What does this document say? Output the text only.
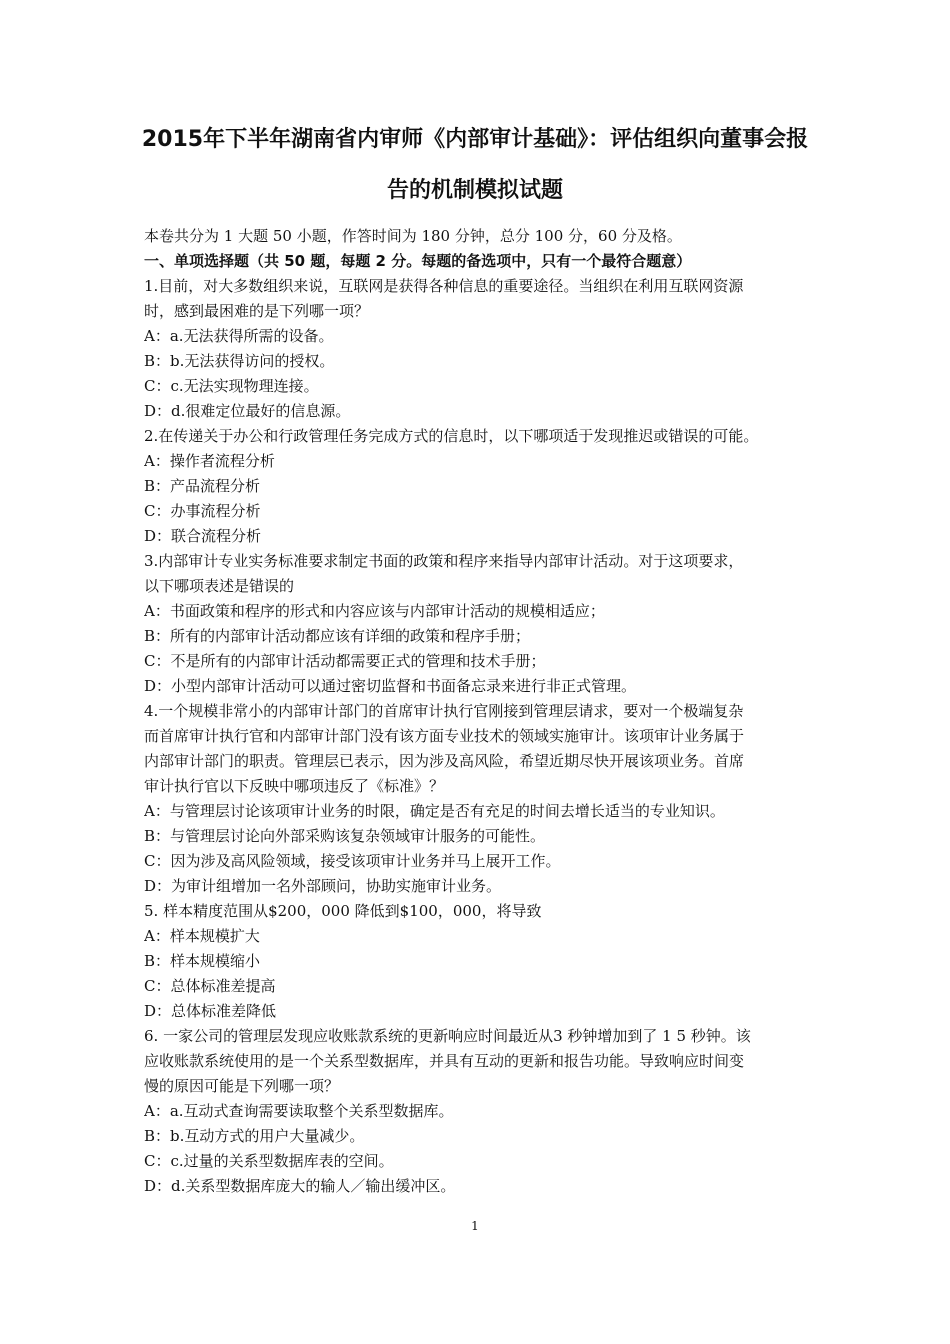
2015年下半年湖南省内审师《内部审计基础》：评估组织向董事会报
告的机制模拟试题
本卷共分为 1 大题 50 小题，作答时间为 180 分钟，总分 100 分，60 分及格。
一、单项选择题（共 50 题，每题 2 分。每题的备选项中，只有一个最符合题意）
1.目前，对大多数组织来说，互联网是获得各种信息的重要途径。当组织在利用互联网资源
时，感到最困难的是下列哪一项？
A：a.无法获得所需的设备。
B：b.无法获得访问的授权。
C：c.无法实现物理连接。
D：d.很难定位最好的信息源。
2.在传递关于办公和行政管理任务完成方式的信息时，以下哪项适于发现推迟或错误的可能。
A：操作者流程分析
B：产品流程分析
C：办事流程分析
D：联合流程分析
3.内部审计专业实务标准要求制定书面的政策和程序来指导内部审计活动。对于这项要求，
以下哪项表述是错误的
A：书面政策和程序的形式和内容应该与内部审计活动的规模相适应；
B：所有的内部审计活动都应该有详细的政策和程序手册；
C：不是所有的内部审计活动都需要正式的管理和技术手册；
D：小型内部审计活动可以通过密切监督和书面备忘录来进行非正式管理。
4.一个规模非常小的内部审计部门的首席审计执行官刚接到管理层请求，要对一个极端复杂
而首席审计执行官和内部审计部门没有该方面专业技术的领域实施审计。该项审计业务属于
内部审计部门的职责。管理层已表示，因为涉及高风险，希望近期尽快开展该项业务。首席
审计执行官以下反映中哪项违反了《标准》？
A：与管理层讨论该项审计业务的时限，确定是否有充足的时间去增长适当的专业知识。
B：与管理层讨论向外部采购该复杂领域审计服务的可能性。
C：因为涉及高风险领域，接受该项审计业务并马上展开工作。
D：为审计组增加一名外部顾问，协助实施审计业务。
5. 样本精度范围从$200，000 降低到$100，000，将导致
A：样本规模扩大
B：样本规模缩小
C：总体标准差提高
D：总体标准差降低
6. 一家公司的管理层发现应收账款系统的更新响应时间最近从3 秒钟增加到了 1 5 秒钟。该
应收账款系统使用的是一个关系型数据库，并具有互动的更新和报告功能。导致响应时间变
慢的原因可能是下列哪一项？
A：a.互动式查询需要读取整个关系型数据库。
B：b.互动方式的用户大量减少。
C：c.过量的关系型数据库表的空间。
D：d.关系型数据库庞大的输人／输出缓冲区。
1
